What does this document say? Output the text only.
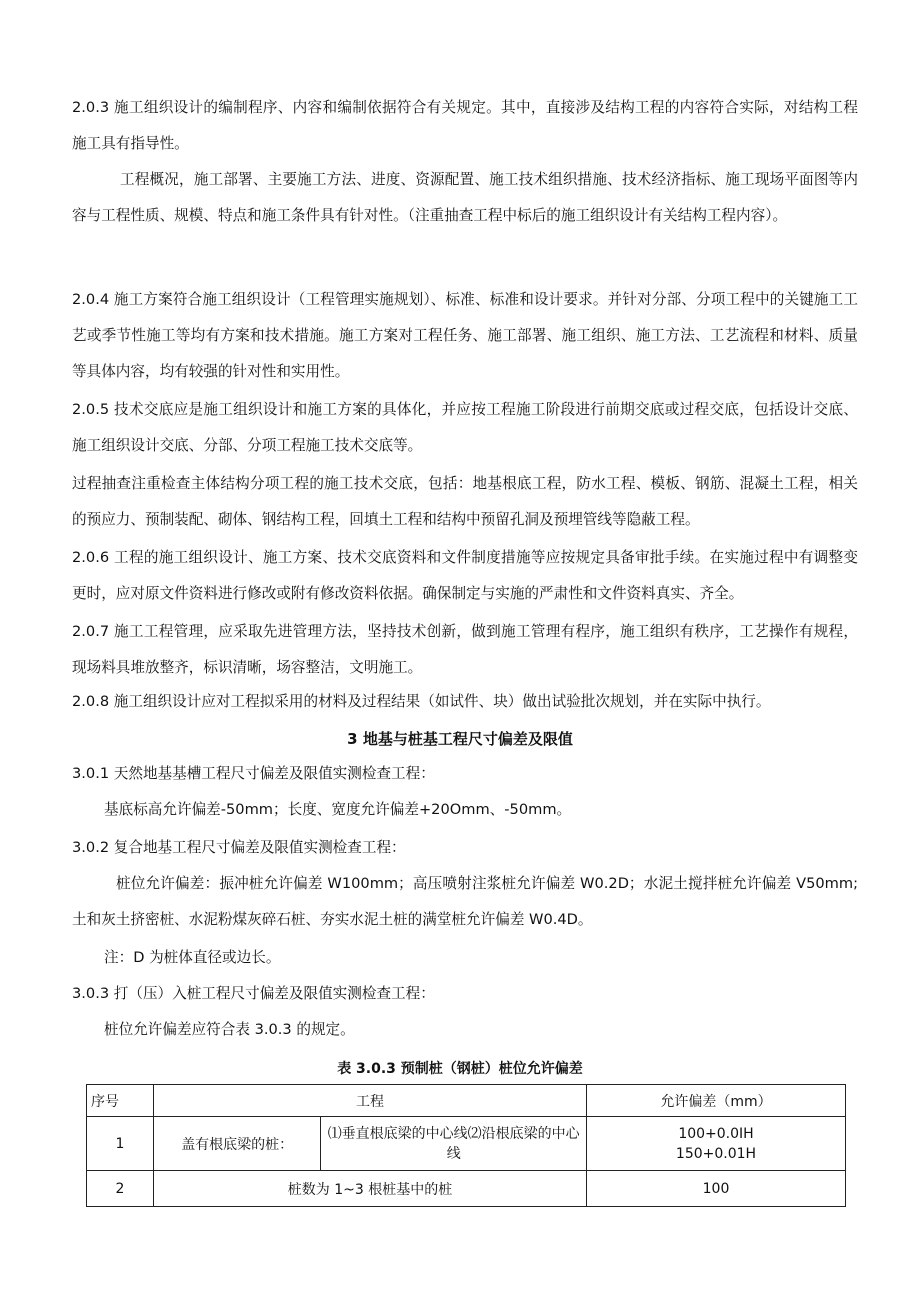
2.0.3 施工组织设计的编制程序、内容和编制依据符合有关规定。其中，直接涉及结构工程的内容符合实际，对结构工程施工具有指导性。

工程概况，施工部署、主要施工方法、进度、资源配置、施工技术组织措施、技术经济指标、施工现场平面图等内容与工程性质、规模、特点和施工条件具有针对性。（注重抽查工程中标后的施工组织设计有关结构工程内容）。

2.0.4 施工方案符合施工组织设计（工程管理实施规划）、标准、标准和设计要求。并针对分部、分项工程中的关键施工工艺或季节性施工等均有方案和技术措施。施工方案对工程任务、施工部署、施工组织、施工方法、工艺流程和材料、质量等具体内容，均有较强的针对性和实用性。

2.0.5 技术交底应是施工组织设计和施工方案的具体化，并应按工程施工阶段进行前期交底或过程交底，包括设计交底、施工组织设计交底、分部、分项工程施工技术交底等。

过程抽查注重检查主体结构分项工程的施工技术交底，包括：地基根底工程，防水工程、模板、钢筋、混凝土工程，相关的预应力、预制装配、砌体、钢结构工程，回填土工程和结构中预留孔洞及预埋管线等隐蔽工程。

2.0.6 工程的施工组织设计、施工方案、技术交底资料和文件制度措施等应按规定具备审批手续。在实施过程中有调整变更时，应对原文件资料进行修改或附有修改资料依据。确保制定与实施的严肃性和文件资料真实、齐全。

2.0.7 施工工程管理，应采取先进管理方法，坚持技术创新，做到施工管理有程序，施工组织有秩序，工艺操作有规程，现场料具堆放整齐，标识清晰，场容整洁，文明施工。

2.0.8 施工组织设计应对工程拟采用的材料及过程结果（如试件、块）做出试验批次规划，并在实际中执行。

3 地基与桩基工程尺寸偏差及限值

3.0.1 天然地基基槽工程尺寸偏差及限值实测检查工程：

基底标高允许偏差-50mm；长度、宽度允许偏差+20Omm、-50mm。

3.0.2 复合地基工程尺寸偏差及限值实测检查工程：

桩位允许偏差：振冲桩允许偏差 W100mm；高压喷射注浆桩允许偏差 W0.2D；水泥土搅拌桩允许偏差 V50mm;土和灰土挤密桩、水泥粉煤灰碎石桩、夯实水泥土桩的满堂桩允许偏差 W0.4D。

注：D 为桩体直径或边长。

3.0.3 打（压）入桩工程尺寸偏差及限值实测检查工程：

桩位允许偏差应符合表 3.0.3 的规定。

表 3.0.3 预制桩（钢桩）桩位允许偏差

序号	工程		允许偏差（mm）
1	盖有根底梁的桩：	⑴垂直根底梁的中心线⑵沿根底梁的中心线	100+0.0IH
150+0.01H

2	桩数为 1~3 根桩基中的桩		100
